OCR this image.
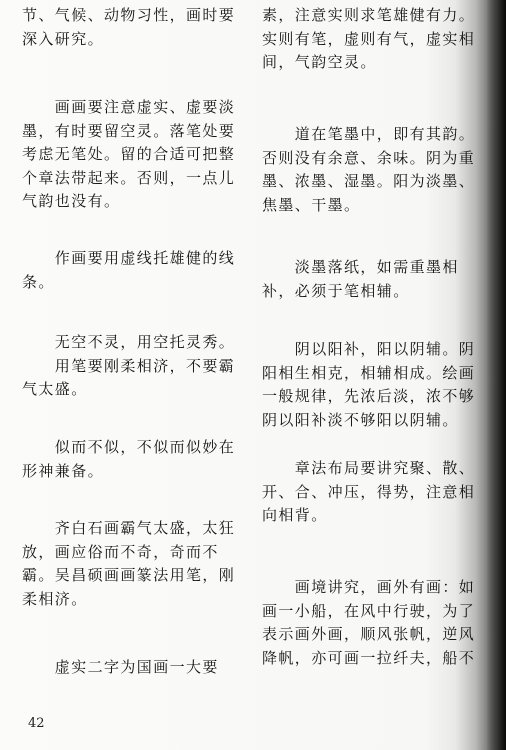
节、气候、动物习性，画时要
深入研究。

　　画画要注意虚实、虚要淡
墨，有时要留空灵。落笔处要
考虑无笔处。留的合适可把整
个章法带起来。否则，一点儿
气韵也没有。

　　作画要用虚线托雄健的线
条。

　　无空不灵，用空托灵秀。
　　用笔要刚柔相济，不要霸
气太盛。

　　似而不似，不似而似妙在
形神兼备。

　　齐白石画霸气太盛，太狂
放，画应俗而不奇，奇而不
霸。吴昌硕画画篆法用笔，刚
柔相济。

　　虚实二字为国画一大要

素，注意实则求笔雄健有力。
实则有笔，虚则有气，虚实相
间，气韵空灵。

　　道在笔墨中，即有其韵。
否则没有余意、余味。阴为重
墨、浓墨、湿墨。阳为淡墨、
焦墨、干墨。

　　淡墨落纸，如需重墨相
补，必须于笔相辅。

　　阴以阳补，阳以阴辅。阴
阳相生相克，相辅相成。绘画
一般规律，先浓后淡，浓不够
阴以阳补淡不够阳以阴辅。

　　章法布局要讲究聚、散、
开、合、冲压，得势，注意相
向相背。

　　画境讲究，画外有画：如
画一小船，在风中行驶，为了
表示画外画，顺风张帆，逆风
降帆，亦可画一拉纤夫，船不

42
